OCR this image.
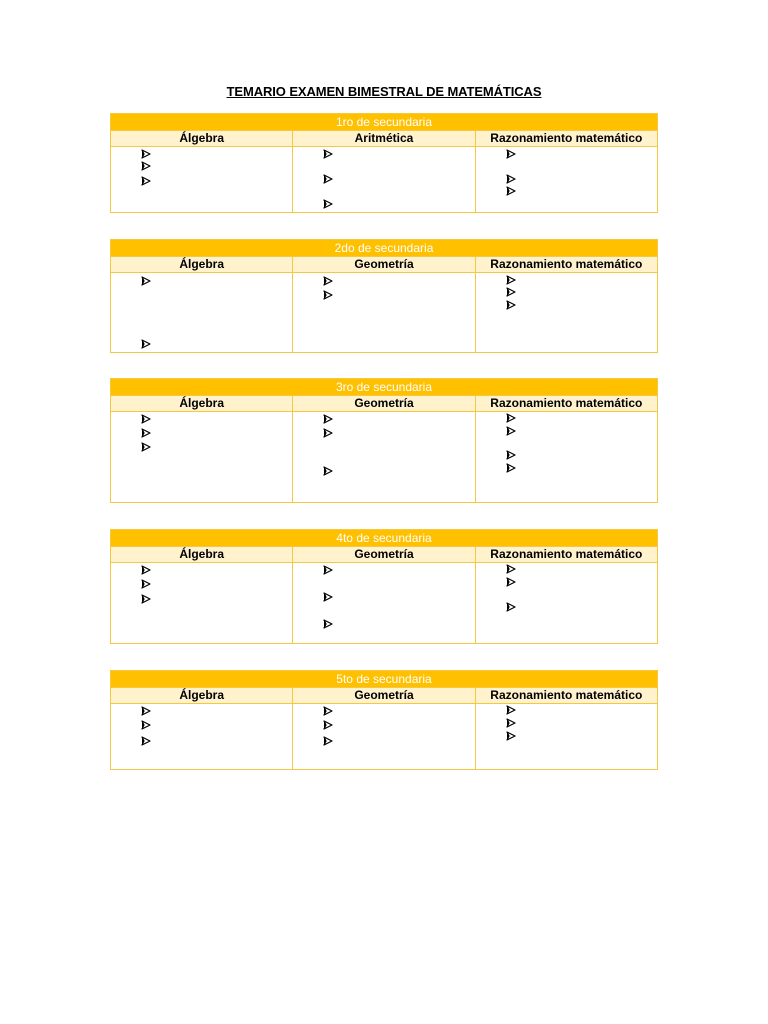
TEMARIO EXAMEN BIMESTRAL DE MATEMÁTICAS
1ro de secundaria
Álgebra	Aritmética	Razonamiento matemático
2do de secundaria
Álgebra	Geometría	Razonamiento matemático
3ro de secundaria
Álgebra	Geometría	Razonamiento matemático
4to de secundaria
Álgebra	Geometría	Razonamiento matemático
5to de secundaria
Álgebra	Geometría	Razonamiento matemático
